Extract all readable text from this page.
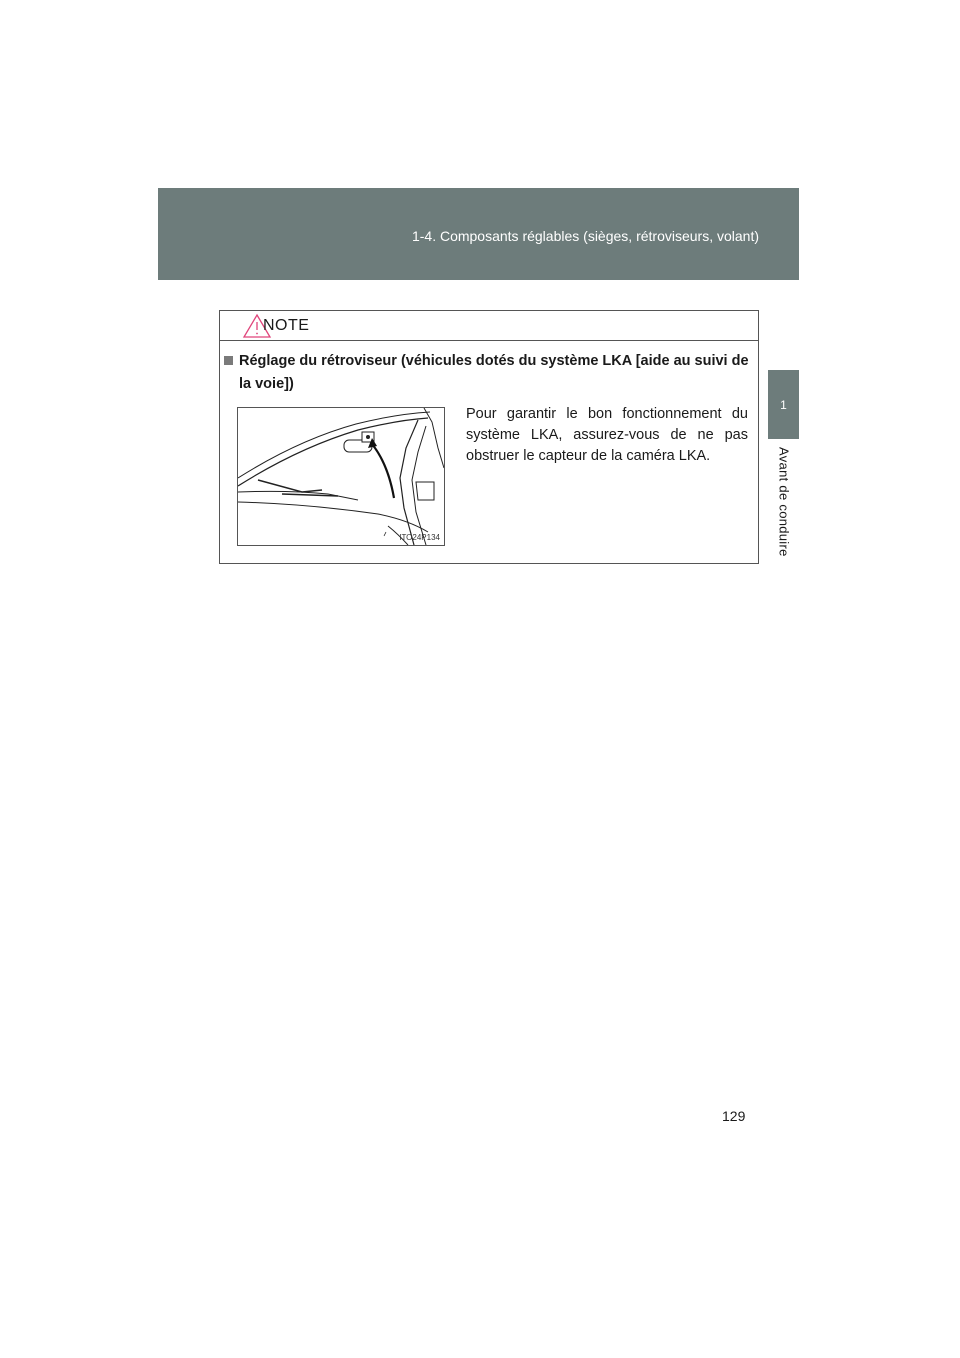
1-4. Composants réglables (sièges, rétroviseurs, volant)
1
Avant de conduire
NOTE
Réglage du rétroviseur (véhicules dotés du système LKA [aide au suivi de la voie])
ITO24P134
Pour garantir le bon fonctionnement du système LKA, assurez-vous de ne pas obstruer le capteur de la caméra LKA.
129
